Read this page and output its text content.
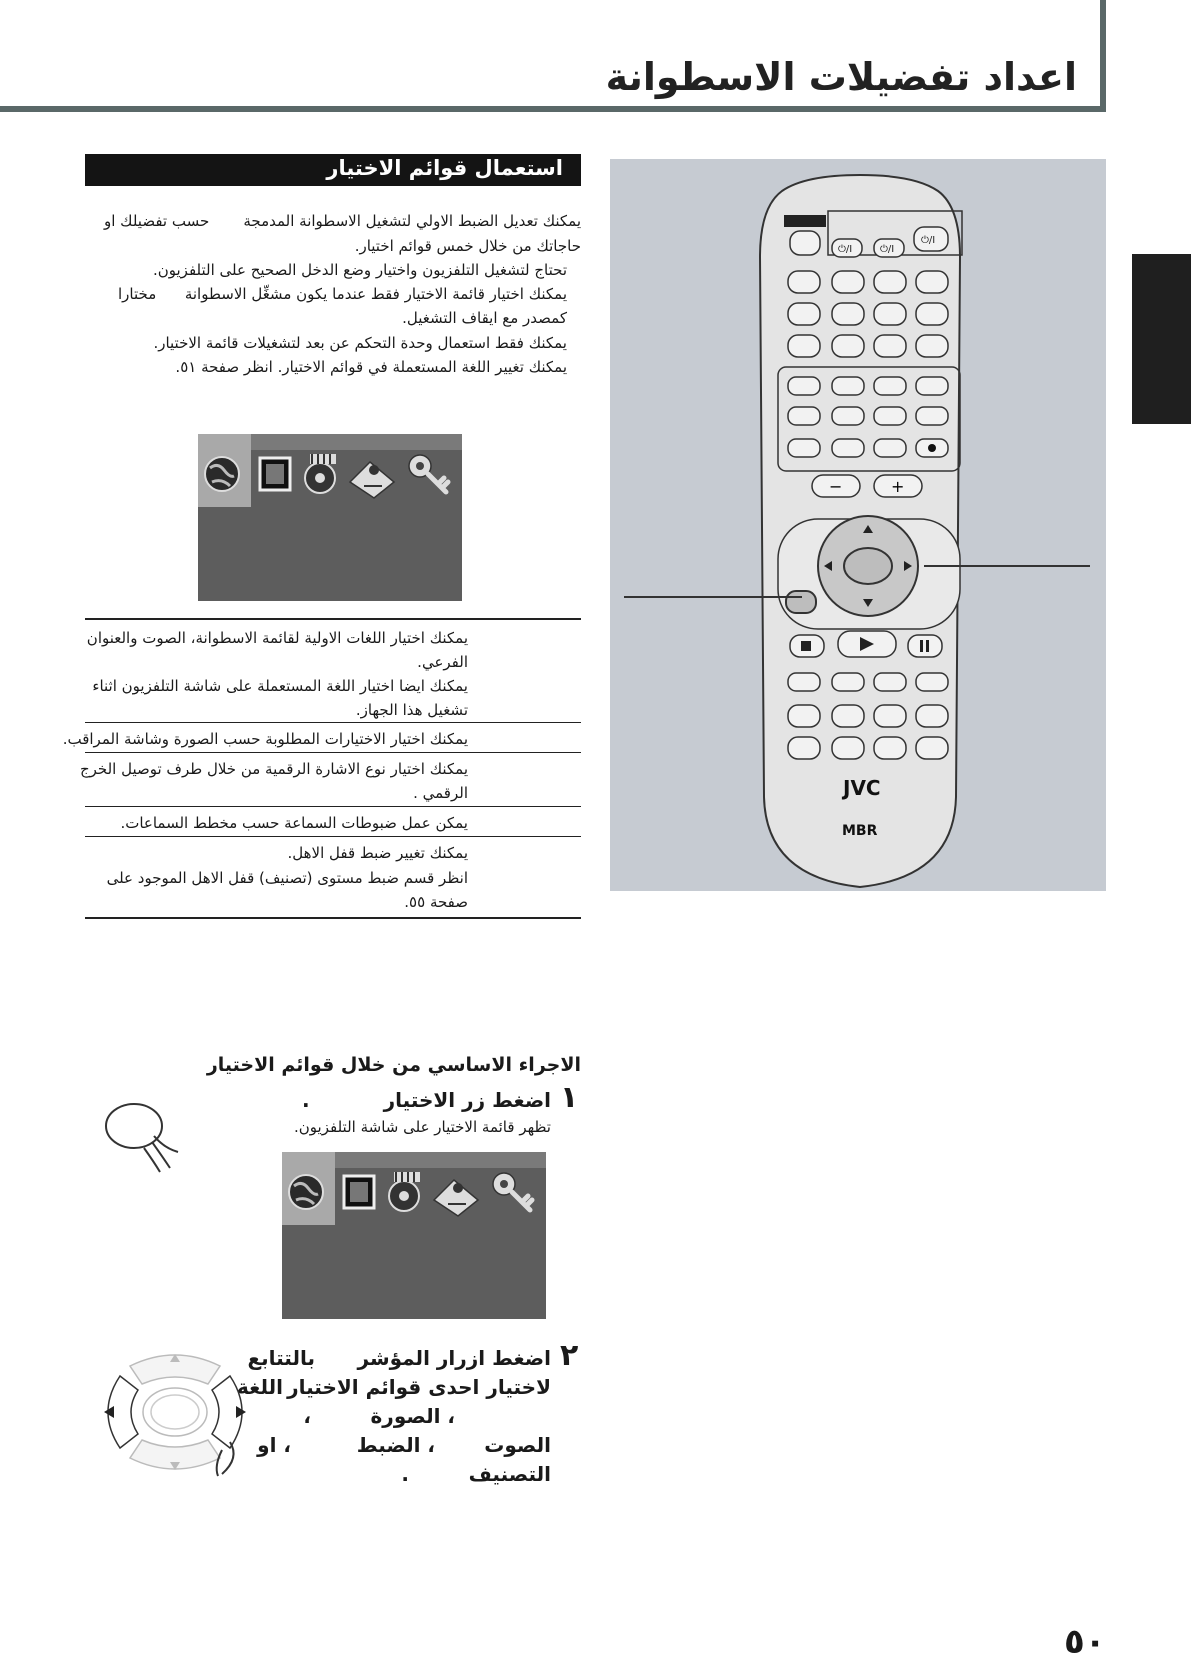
اعداد تفضيلات الاسطوانة
استعمال قوائم الاختيار
يمكنك تعديل الضبط الاولي لتشغيل الاسطوانة المدمجة
حسب تفضيلك او
حاجاتك من خلال خمس قوائم اختيار.
تحتاج لتشغيل التلفزيون واختيار وضع الدخل الصحيح على التلفزيون.
يمكنك اختيار قائمة الاختيار فقط عندما يكون مشغِّل الاسطوانة
مختارا
كمصدر مع ايقاف التشغيل.
يمكنك فقط استعمال وحدة التحكم عن بعد لتشغيلات قائمة الاختيار.
يمكنك تغيير اللغة المستعملة في قوائم الاختيار. انظر صفحة ٥١.
يمكنك اختيار اللغات الاولية لقائمة الاسطوانة، الصوت والعنوان
الفرعي.
يمكنك ايضا اختيار اللغة المستعملة على شاشة التلفزيون اثناء
تشغيل هذا الجهاز.
يمكنك اختيار الاختيارات المطلوبة حسب الصورة وشاشة المراقب.
يمكنك اختيار نوع الاشارة الرقمية من خلال طرف توصيل الخرج
الرقمي .
يمكن عمل ضبوطات السماعة حسب مخطط السماعات.
يمكنك تغيير ضبط قفل الاهل.
انظر قسم ضبط مستوى (تصنيف) قفل الاهل الموجود على
صفحة ٥٥.
⏻/I	⏻/I
⏻/I
−	+
JVC
MBR
الاجراء الاساسي من خلال قوائم الاختيار
١
اضغط زر الاختيار
.
تظهر قائمة الاختيار على شاشة التلفزيون.
٢
اضغط ازرار المؤشر
بالتتابع
لاختيار احدى قوائم الاختيار
اللغة
، الصورة
،
الصوت
، الضبط
، او
التصنيف
.
٥٠
